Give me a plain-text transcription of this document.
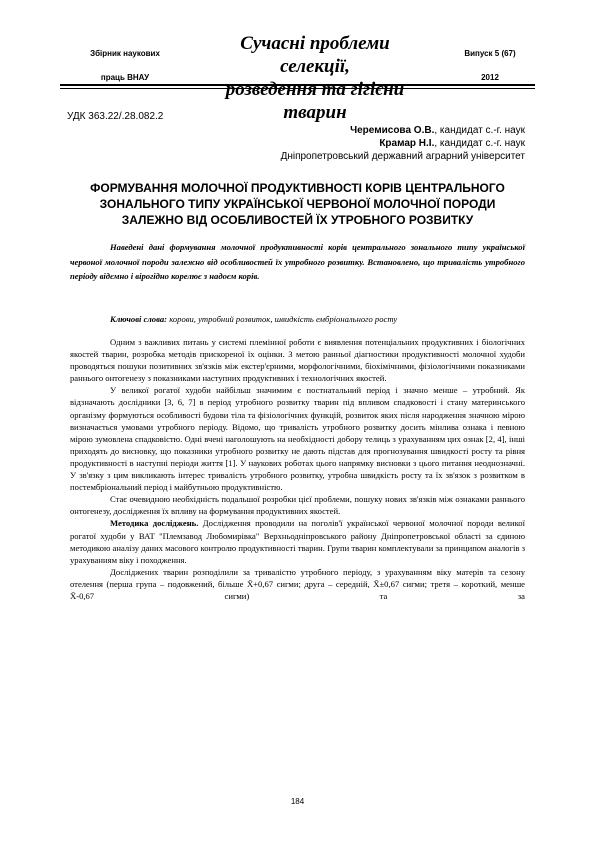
Збірник наукових
праць ВНАУ
Сучасні проблеми селекції,
розведення та гігієни тварин
Випуск 5 (67)
2012
УДК 363.22/.28.082.2
Черемисова О.В., кандидат с.-г. наук
Крамар Н.І., кандидат с.-г. наук
Дніпропетровський державний аграрний університет
ФОРМУВАННЯ МОЛОЧНОЇ ПРОДУКТИВНОСТІ КОРІВ ЦЕНТРАЛЬНОГО ЗОНАЛЬНОГО ТИПУ УКРАЇНСЬКОЇ ЧЕРВОНОЇ МОЛОЧНОЇ ПОРОДИ ЗАЛЕЖНО ВІД ОСОБЛИВОСТЕЙ ЇХ УТРОБНОГО РОЗВИТКУ
Наведені дані формування молочної продуктивності корів центрального зонального типу української червоної молочної породи залежно від особливостей їх утробного розвитку. Встановлено, що тривалість утробного періоду відємно і вірогідно корелює з надоєм корів.
Ключові слова: корови, утробний розвиток, швидкість ембріонального росту

Одним з важливих питань у системі племінної роботи є виявлення потенціальних продуктивних і біологічних якостей тварин, розробка методів прискореної їх оцінки. З метою ранньої діагностики продуктивності молочної худоби проводяться пошуки позитивних зв'язків між екстер'єрними, морфологічними, біохімічними, фізіологічними показниками раннього онтогенезу з показниками наступних продуктивних і технологічних якостей.

У великої рогатої худоби найбільш значимим є постнатальний період і значно менше – утробний. Як відзначають дослідники [3, 6, 7] в період утробного розвитку тварин під впливом спадковості і стану материнського організму формуються особливості будови тіла та фізіологічних функцій, розвиток яких після народження значною мірою визначається умовами утробного періоду. Відомо, що тривалість утробного розвитку досить мінлива ознака і певною мірою зумовлена спадковістю. Одні вчені наголошують на необхідності добору телиць з урахуванням цих ознак [2, 4], інші приходять до висновку, що показники утробного розвитку не дають підстав для прогнозування швидкості росту та рівня продуктивності в наступні періоди життя [1]. У наукових роботах цього напрямку висновки з цього питання неоднозначні. У зв'язку з цим викликають інтерес тривалість утробного розвитку, утробна швидкість росту та їх зв'язок з розвитком в постембріональний період і майбутньою продуктивністю.

Стає очевидною необхідність подальшої розробки цієї проблеми, пошуку нових зв'язків між ознаками раннього онтогенезу, дослідження їх впливу на формування продуктивних якостей.

Методика досліджень. Дослідження проводили на поголів'ї української червоної молочної породи великої рогатої худоби у ВАТ "Племзавод Любомирівка" Верхньодніпровського району Дніпропетровської області за єдиною методикою аналізу даних масового контролю продуктивності тварин. Групи тварин комплектували за принципом аналогів з урахуванням віку і походження.

Досліджених тварин розподілили за тривалістю утробного періоду, з урахуванням віку матерів та сезону отелення (перша група – подовжений, більше X̄+0,67 сигми; друга – середній, X̄±0,67 сигми; третя – короткий, менше X̄-0,67 сигми) та за

184
